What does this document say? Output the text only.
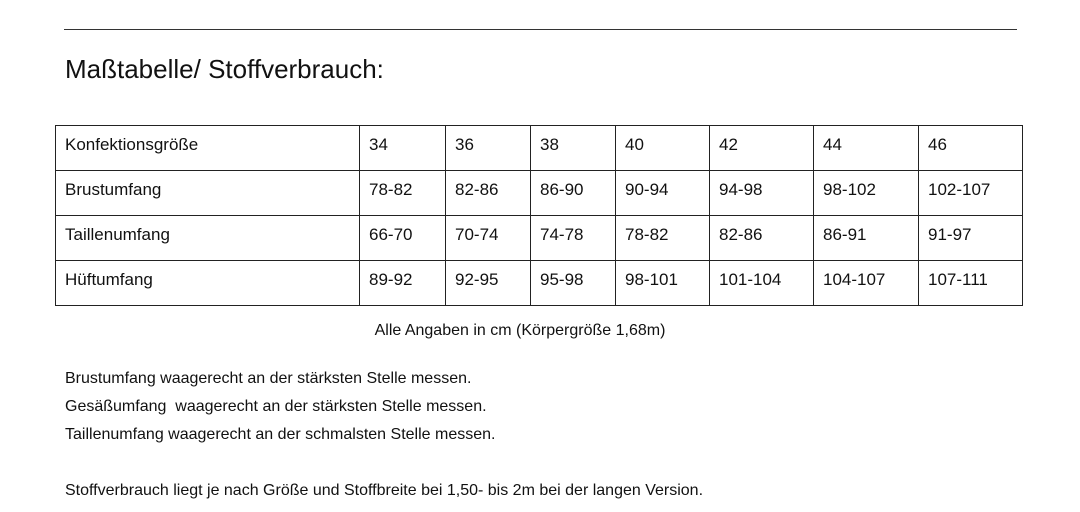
Maßtabelle/ Stoffverbrauch:
Konfektionsgröße	34	36	38	40	42	44	46
Brustumfang	78-82	82-86	86-90	90-94	94-98	98-102	102-107
Taillenumfang	66-70	70-74	74-78	78-82	82-86	86-91	91-97
Hüftumfang	89-92	92-95	95-98	98-101	101-104	104-107	107-111
Alle Angaben in cm (Körpergröße 1,68m)
Brustumfang waagerecht an der stärksten Stelle messen.
Gesäßumfang  waagerecht an der stärksten Stelle messen.
Taillenumfang waagerecht an der schmalsten Stelle messen.
Stoffverbrauch liegt je nach Größe und Stoffbreite bei 1,50- bis 2m bei der langen Version.
